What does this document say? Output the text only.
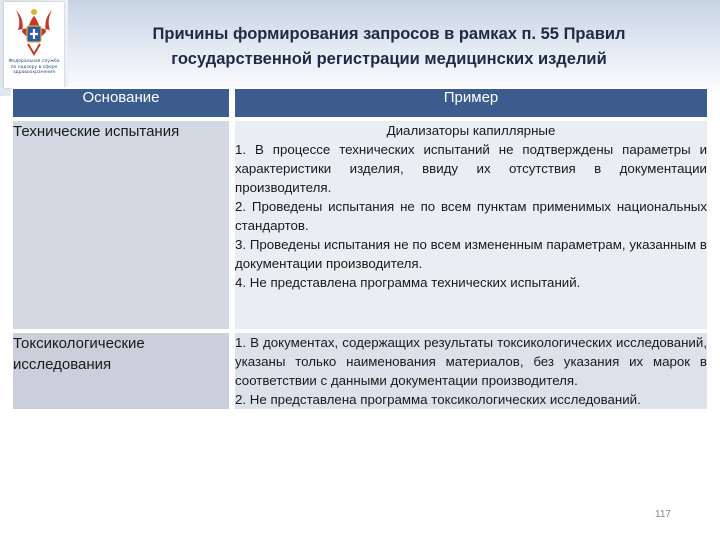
Федеральная служба по надзору в сфере здравоохранения
Причины формирования запросов в рамках п. 55 Правил государственной регистрации медицинских изделий
Основание	Пример
Технические испытания	Диализаторы капиллярные
1. В процессе технических испытаний не подтверждены параметры и характеристики изделия, ввиду их отсутствия в документации производителя.
2. Проведены испытания не по всем пунктам применимых национальных стандартов.
3. Проведены испытания не по всем измененным параметрам, указанным в документации производителя.
4. Не представлена программа технических испытаний.

Токсикологические исследования	1. В документах, содержащих результаты токсикологических исследований, указаны только наименования материалов, без указания их марок в соответствии с данными документации производителя.
2. Не представлена программа токсикологических исследований.
117
